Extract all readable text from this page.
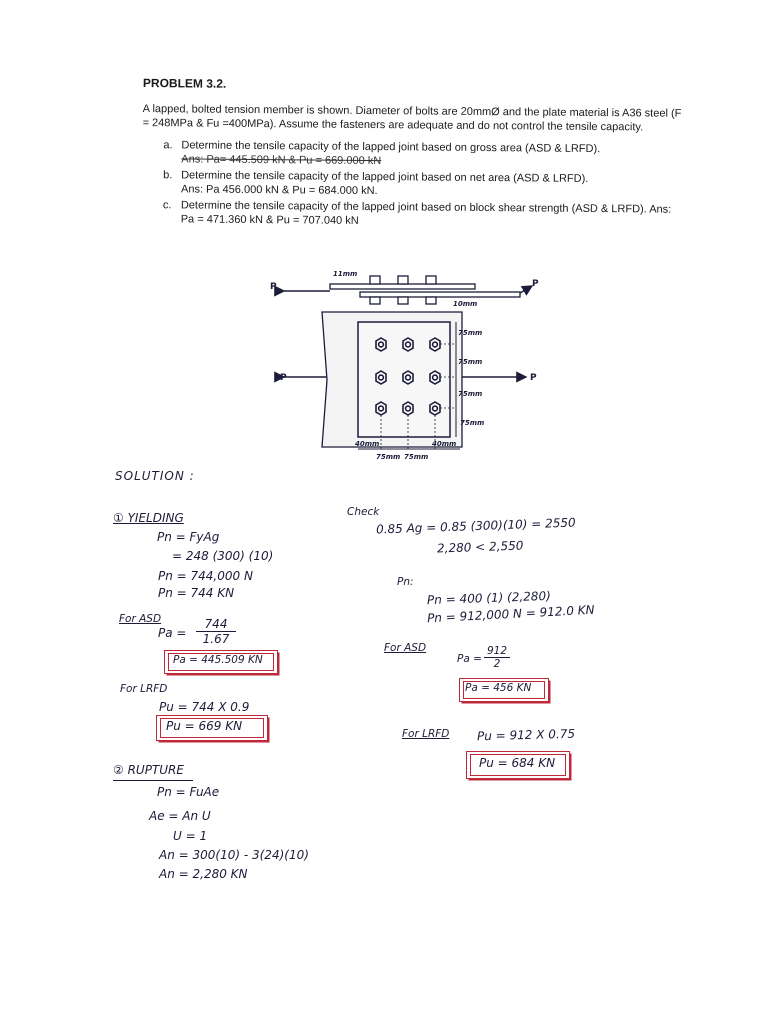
PROBLEM 3.2.
A lapped, bolted tension member is shown. Diameter of bolts are 20mmØ and the plate material is A36 steel (F = 248MPa & Fu =400MPa). Assume the fasteners are adequate and do not control the tensile capacity.
a. Determine the tensile capacity of the lapped joint based on gross area (ASD & LRFD).
Ans: Pa= 445.509 kN & Pu = 669.000 kN
b. Determine the tensile capacity of the lapped joint based on net area (ASD & LRFD).
Ans: Pa 456.000 kN & Pu = 684.000 kN.
c. Determine the tensile capacity of the lapped joint based on block shear strength (ASD & LRFD). Ans: Pa = 471.360 kN & Pu = 707.040 kN
P	P
11mm
10mm
P	P
75mm
75mm
75mm
75mm
40mm	40mm
75mm 75mm
SOLUTION :
① YIELDING
Pn = FyAg
= 248 (300) (10)
Pn = 744,000 N
Pn = 744 KN
For ASD
Pa =
744
1.67
Pa = 445.509 KN
For LRFD
Pu = 744 X 0.9
Pu = 669 KN
② RUPTURE
Pn = FuAe
Ae = An U
U = 1
An = 300(10) - 3(24)(10)
An = 2,280 KN
Check
0.85 Ag = 0.85 (300)(10) = 2550
2,280 < 2,550
Pn:
Pn = 400 (1) (2,280)
Pn = 912,000 N = 912.0 KN
For ASD
Pa =
912
2
Pa = 456 KN
For LRFD Pu = 912 X 0.75
Pu = 684 KN
